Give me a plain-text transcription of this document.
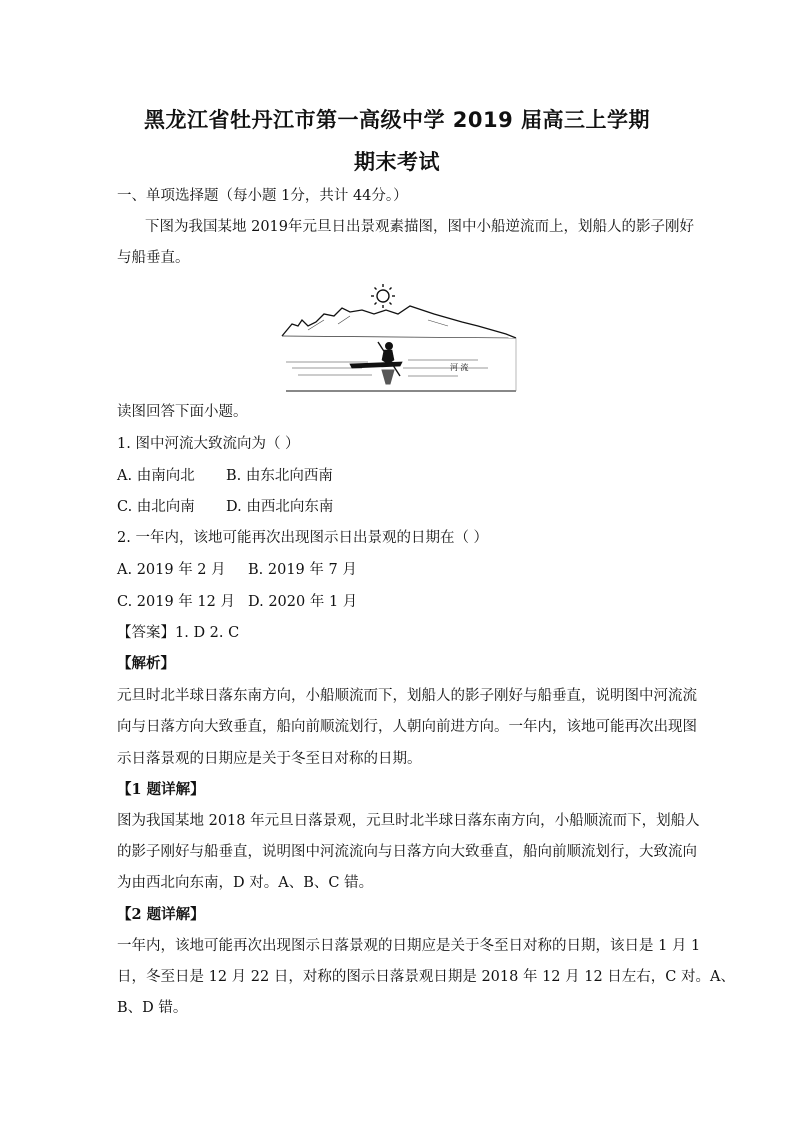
黑龙江省牡丹江市第一高级中学 2019 届高三上学期
期末考试
一、单项选择题（每小题 1分，共计 44分。）
下图为我国某地 2019年元旦日出景观素描图，图中小船逆流而上，划船人的影子刚好
与船垂直。
河 流
读图回答下面小题。
1. 图中河流大致流向为（ ）
A. 由南向北 B. 由东北向西南
C. 由北向南 D. 由西北向东南
2. 一年内，该地可能再次出现图示日出景观的日期在（ ）
A. 2019 年 2 月 B. 2019 年 7 月
C. 2019 年 12 月 D. 2020 年 1 月
【答案】1. D 2. C
【解析】
元旦时北半球日落东南方向，小船顺流而下，划船人的影子刚好与船垂直，说明图中河流流
向与日落方向大致垂直，船向前顺流划行，人朝向前进方向。一年内，该地可能再次出现图
示日落景观的日期应是关于冬至日对称的日期。
【1 题详解】
图为我国某地 2018 年元旦日落景观，元旦时北半球日落东南方向，小船顺流而下，划船人
的影子刚好与船垂直，说明图中河流流向与日落方向大致垂直，船向前顺流划行，大致流向
为由西北向东南，D 对。A、B、C 错。
【2 题详解】
一年内，该地可能再次出现图示日落景观的日期应是关于冬至日对称的日期，该日是 1 月 1
日，冬至日是 12 月 22 日，对称的图示日落景观日期是 2018 年 12 月 12 日左右，C 对。A、
B、D 错。
